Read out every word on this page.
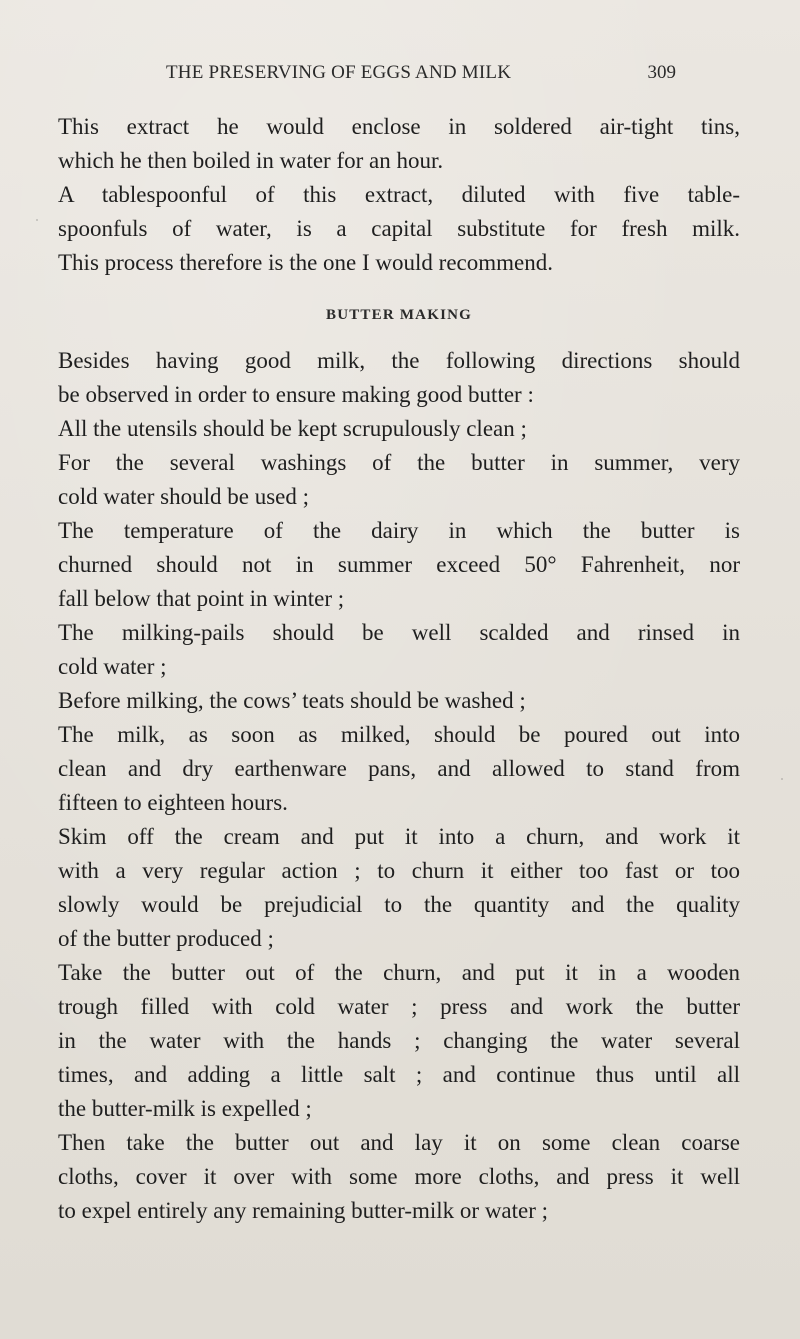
THE PRESERVING OF EGGS AND MILK	309
This extract he would enclose in soldered air-tight tins,
which he then boiled in water for an hour.
A tablespoonful of this extract, diluted with five table-
spoonfuls of water, is a capital substitute for fresh milk.
This process therefore is the one I would recommend.
BUTTER MAKING
Besides having good milk, the following directions should
be observed in order to ensure making good butter :
All the utensils should be kept scrupulously clean ;
For the several washings of the butter in summer, very
cold water should be used ;
The temperature of the dairy in which the butter is
churned should not in summer exceed 50° Fahrenheit, nor
fall below that point in winter ;
The milking-pails should be well scalded and rinsed in
cold water ;
Before milking, the cows’ teats should be washed ;
The milk, as soon as milked, should be poured out into
clean and dry earthenware pans, and allowed to stand from
fifteen to eighteen hours.
Skim off the cream and put it into a churn, and work it
with a very regular action ; to churn it either too fast or too
slowly would be prejudicial to the quantity and the quality
of the butter produced ;
Take the butter out of the churn, and put it in a wooden
trough filled with cold water ; press and work the butter
in the water with the hands ; changing the water several
times, and adding a little salt ; and continue thus until all
the butter-milk is expelled ;
Then take the butter out and lay it on some clean coarse
cloths, cover it over with some more cloths, and press it well
to expel entirely any remaining butter-milk or water ;
